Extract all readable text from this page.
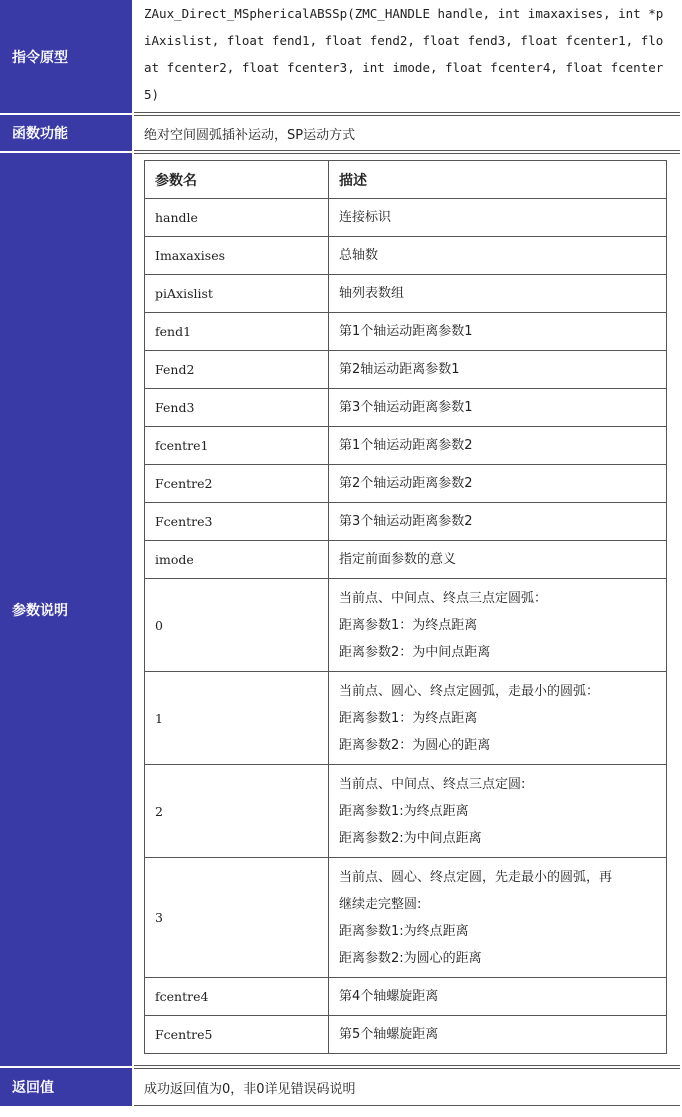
指令原型
ZAux_Direct_MSphericalABSSp(ZMC_HANDLE handle, int imaxaxises, int *piAxislist, float fend1, float fend2, float fend3, float fcenter1, float fcenter2, float fcenter3, int imode, float fcenter4, float fcenter5)
函数功能	绝对空间圆弧插补运动，SP运动方式
参数说明
参数名	描述
handle	连接标识

Imaxaxises	总轴数

piAxislist	轴列表数组

fend1	第1个轴运动距离参数1

Fend2	第2轴运动距离参数1

Fend3	第3个轴运动距离参数1

fcentre1	第1个轴运动距离参数2

Fcentre2	第2个轴运动距离参数2

Fcentre3	第3个轴运动距离参数2

imode	指定前面参数的意义

0	当前点、中间点、终点三点定圆弧：
距离参数1：为终点距离
距离参数2：为中间点距离

1	当前点、圆心、终点定圆弧，走最小的圆弧：
距离参数1：为终点距离
距离参数2：为圆心的距离

2	当前点、中间点、终点三点定圆:
距离参数1:为终点距离
距离参数2:为中间点距离

3	当前点、圆心、终点定圆，先走最小的圆弧，再
继续走完整圆:
距离参数1:为终点距离
距离参数2:为圆心的距离

fcentre4	第4个轴螺旋距离

Fcentre5	第5个轴螺旋距离
返回值	成功返回值为0，非0详见错误码说明
